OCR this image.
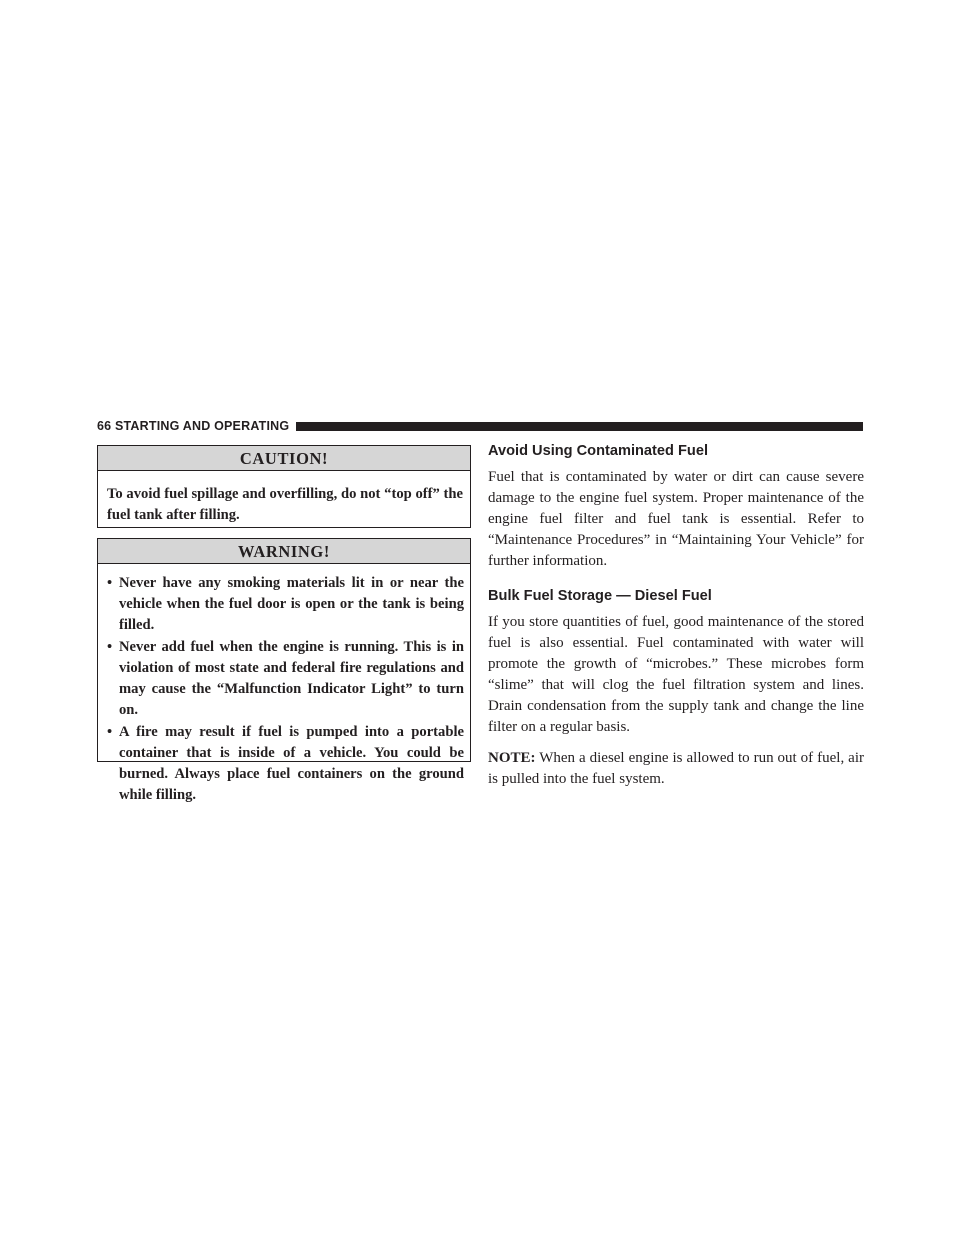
66 STARTING AND OPERATING
CAUTION!
To avoid fuel spillage and overfilling, do not “top off” the fuel tank after filling.
WARNING!
• Never have any smoking materials lit in or near the vehicle when the fuel door is open or the tank is being filled.
• Never add fuel when the engine is running. This is in violation of most state and federal fire regulations and may cause the “Malfunction Indicator Light” to turn on.
• A fire may result if fuel is pumped into a portable container that is inside of a vehicle. You could be burned. Always place fuel containers on the ground while filling.
Avoid Using Contaminated Fuel

Fuel that is contaminated by water or dirt can cause severe damage to the engine fuel system. Proper maintenance of the engine fuel filter and fuel tank is essential. Refer to “Maintenance Procedures” in “Maintaining Your Vehicle” for further information.

Bulk Fuel Storage — Diesel Fuel

If you store quantities of fuel, good maintenance of the stored fuel is also essential. Fuel contaminated with water will promote the growth of “microbes.” These microbes form “slime” that will clog the fuel filtration system and lines. Drain condensation from the supply tank and change the line filter on a regular basis.

NOTE: When a diesel engine is allowed to run out of fuel, air is pulled into the fuel system.
